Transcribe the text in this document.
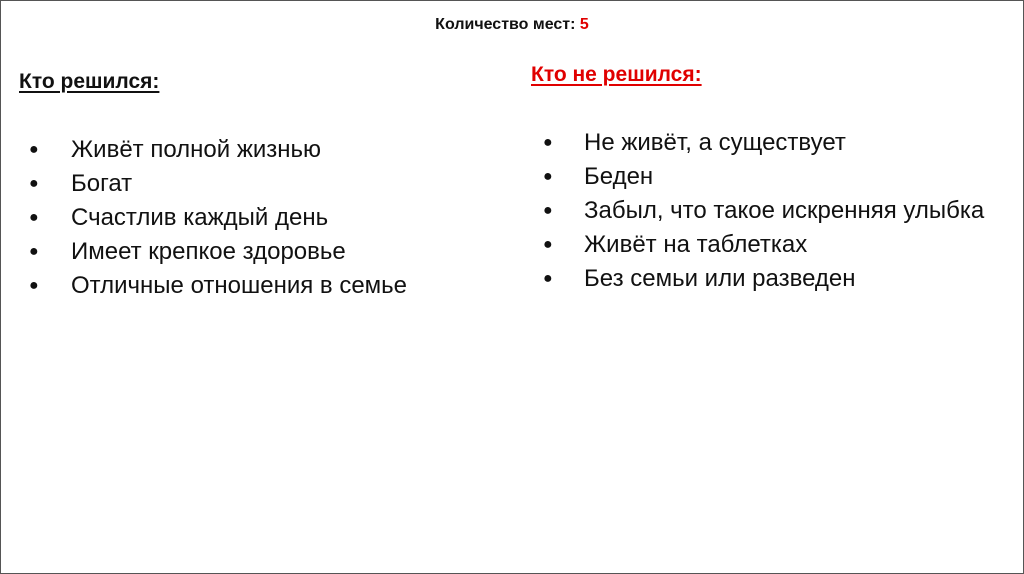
Количество мест: 5
Кто решился:
● Живёт полной жизнью
● Богат
● Счастлив каждый день
● Имеет крепкое здоровье
● Отличные отношения в семье
Кто не решился:
● Не живёт, а существует
● Беден
● Забыл, что такое искренняя улыбка
● Живёт на таблетках
● Без семьи или разведен
